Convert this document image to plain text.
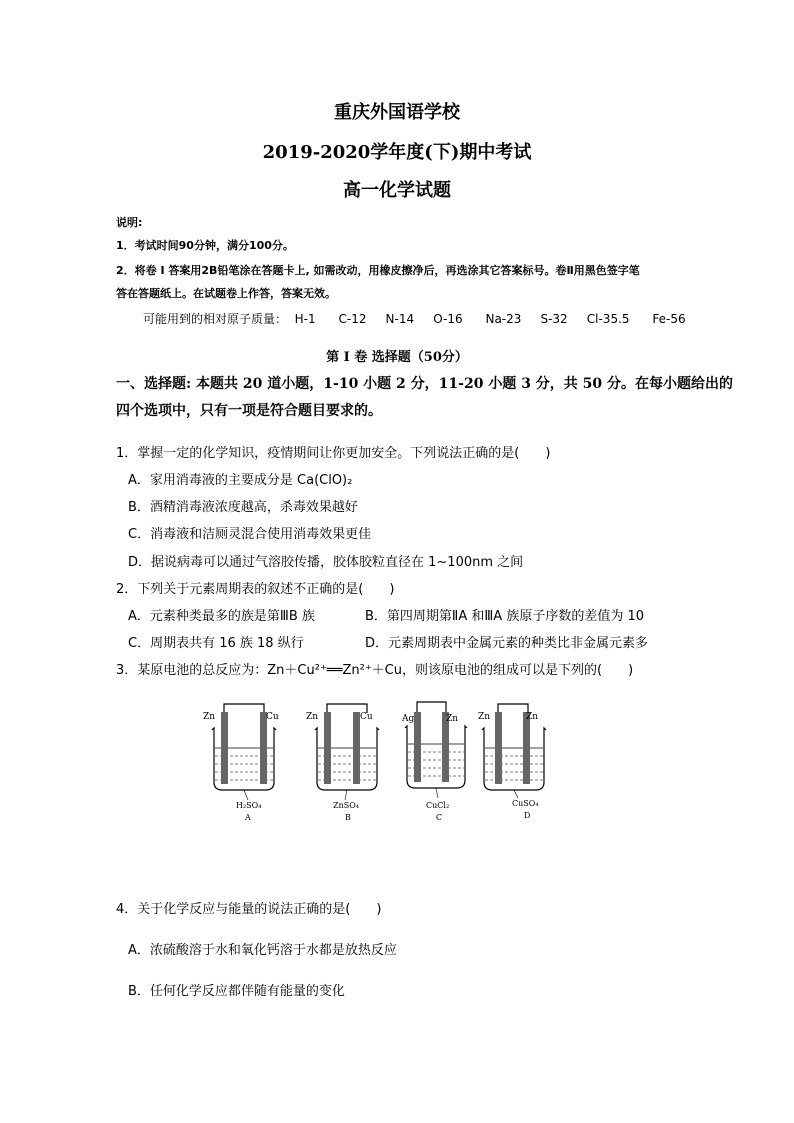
重庆外国语学校
2019-2020学年度(下)期中考试
高一化学试题
说明:
1．考试时间90分钟，满分100分。
2．将卷 I 答案用2B铅笔涂在答题卡上, 如需改动，用橡皮擦净后，再选涂其它答案标号。卷Ⅱ用黑色签字笔
答在答题纸上。在试题卷上作答，答案无效。
可能用到的相对原子质量：  H-1      C-12     N-14     O-16      Na-23     S-32     Cl-35.5      Fe-56
第 I 卷 选择题（50分）
一、选择题: 本题共 20 道小题，1-10 小题 2 分，11-20 小题 3 分，共 50 分。在每小题给出的
四个选项中，只有一项是符合题目要求的。
1．掌握一定的化学知识，疫情期间让你更加安全。下列说法正确的是(　　)
A．家用消毒液的主要成分是 Ca(ClO)₂
B．酒精消毒液浓度越高，杀毒效果越好
C．消毒液和洁厕灵混合使用消毒效果更佳
D．据说病毒可以通过气溶胶传播，胶体胶粒直径在 1~100nm 之间
2．下列关于元素周期表的叙述不正确的是(　　)
A．元素种类最多的族是第ⅢB 族	B．第四周期第ⅡA 和ⅢA 族原子序数的差值为 10
C．周期表共有 16 族 18 纵行	D．元素周期表中金属元素的种类比非金属元素多
3．某原电池的总反应为：Zn＋Cu²⁺══Zn²⁺＋Cu，则该原电池的组成可以是下列的(　　)
Zn	Cu
H₂SO₄
A
Zn	Cu
ZnSO₄
B
Ag	Zn
CuCl₂
C
Zn	Zn
CuSO₄
D
4．关于化学反应与能量的说法正确的是(　　)
A．浓硫酸溶于水和氧化钙溶于水都是放热反应
B．任何化学反应都伴随有能量的变化
